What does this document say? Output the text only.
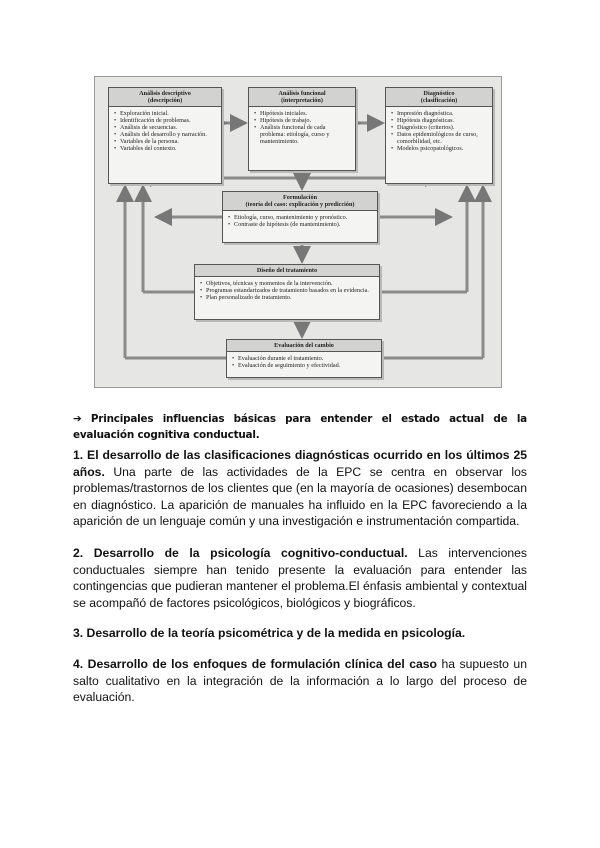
Análisis descriptivo
(descripción)
• Exploración inicial.
• Identificación de problemas.
• Análisis de secuencias.
• Análisis del desarrollo y narración.
• Variables de la persona.
• Variables del contexto.
Análisis funcional
(interpretación)
• Hipótesis iniciales.
• Hipótesis de trabajo.
• Análisis funcional de cada problema: etiología, curso y mantenimiento.
Diagnóstico
(clasificación)
• Impresión diagnóstica.
• Hipótesis diagnósticas.
• Diagnóstico (criterios).
• Datos epidemiológicos de curso, comorbilidad, etc.
• Modelos psicopatológicos.
Formulación
(teoría del caso: explicación y predicción)
• Etiología, curso, mantenimiento y pronóstico.
• Contraste de hipótesis (de mantenimiento).
Diseño del tratamiento
• Objetivos, técnicas y momentos de la intervención.
• Programas estandarizados de tratamiento basados en la evidencia.
• Plan personalizado de tratamiento.
Evaluación del cambio
• Evaluación durante el tratamiento.
• Evaluación de seguimiento y efectividad.

➔ Principales influencias básicas para entender el estado actual de la evaluación cognitiva conductual.

1. El desarrollo de las clasificaciones diagnósticas ocurrido en los últimos 25 años. Una parte de las actividades de la EPC se centra en observar los problemas/trastornos de los clientes que (en la mayoría de ocasiones) desembocan en diagnóstico. La aparición de manuales ha influido en la EPC favoreciendo a la aparición de un lenguaje común y una investigación e instrumentación compartida.

2. Desarrollo de la psicología cognitivo-conductual. Las intervenciones conductuales siempre han tenido presente la evaluación para entender las contingencias que pudieran mantener el problema.El énfasis ambiental y contextual se acompañó de factores psicológicos, biológicos y biográficos.

3. Desarrollo de la teoría psicométrica y de la medida en psicología.

4. Desarrollo de los enfoques de formulación clínica del caso ha supuesto un salto cualitativo en la integración de la información a lo largo del proceso de evaluación.
